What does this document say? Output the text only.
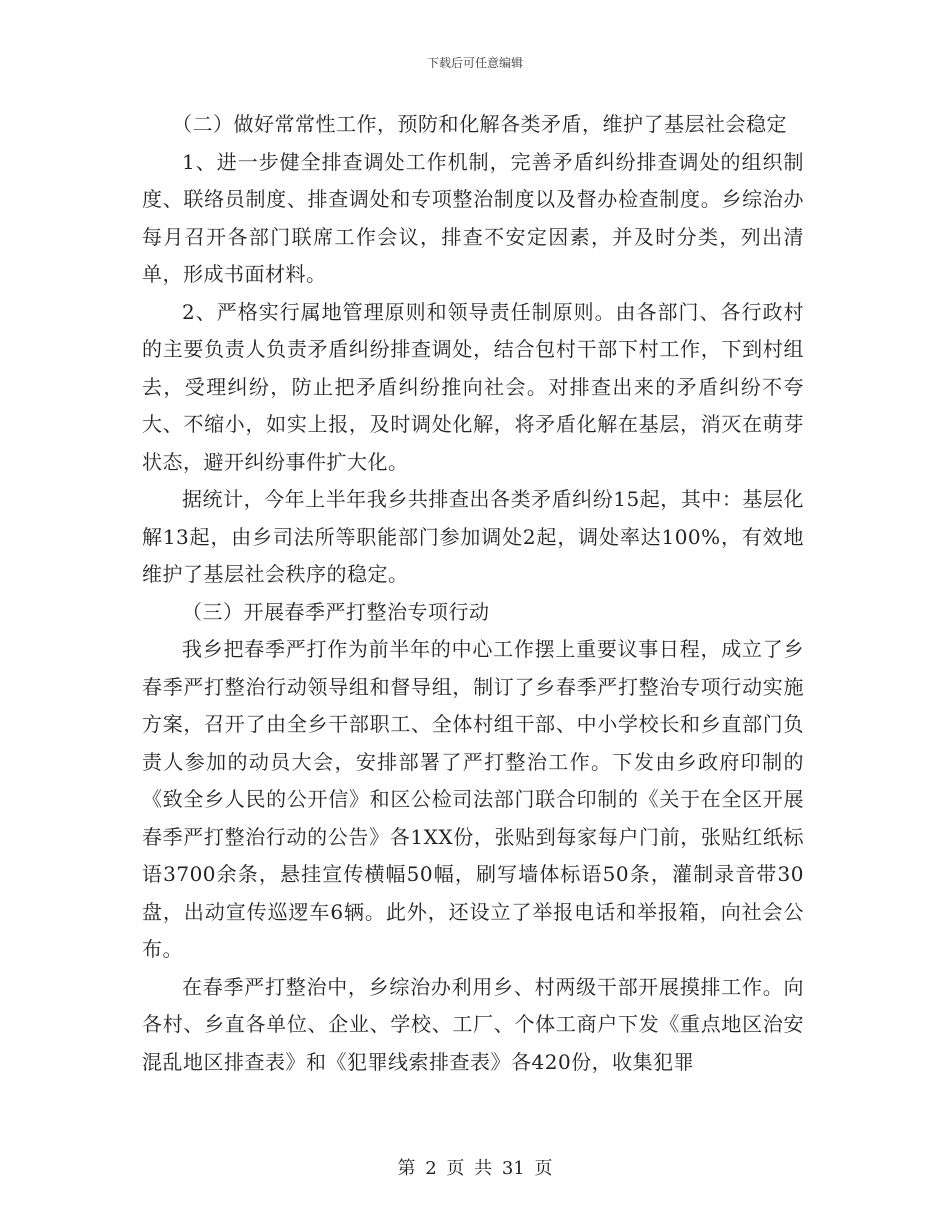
下载后可任意编辑

（二）做好常常性工作，预防和化解各类矛盾，维护了基层社会稳定

1、进一步健全排查调处工作机制，完善矛盾纠纷排查调处的组织制度、联络员制度、排查调处和专项整治制度以及督办检查制度。乡综治办每月召开各部门联席工作会议，排查不安定因素，并及时分类，列出清单，形成书面材料。

2、严格实行属地管理原则和领导责任制原则。由各部门、各行政村的主要负责人负责矛盾纠纷排查调处，结合包村干部下村工作，下到村组去，受理纠纷，防止把矛盾纠纷推向社会。对排查出来的矛盾纠纷不夸大、不缩小，如实上报，及时调处化解，将矛盾化解在基层，消灭在萌芽状态，避开纠纷事件扩大化。

据统计，今年上半年我乡共排查出各类矛盾纠纷15起，其中：基层化解13起，由乡司法所等职能部门参加调处2起，调处率达100%，有效地维护了基层社会秩序的稳定。

（三）开展春季严打整治专项行动

我乡把春季严打作为前半年的中心工作摆上重要议事日程，成立了乡春季严打整治行动领导组和督导组，制订了乡春季严打整治专项行动实施方案，召开了由全乡干部职工、全体村组干部、中小学校长和乡直部门负责人参加的动员大会，安排部署了严打整治工作。下发由乡政府印制的《致全乡人民的公开信》和区公检司法部门联合印制的《关于在全区开展春季严打整治行动的公告》各1XX份，张贴到每家每户门前，张贴红纸标语3700余条，悬挂宣传横幅50幅，刷写墙体标语50条，灌制录音带30盘，出动宣传巡逻车6辆。此外，还设立了举报电话和举报箱，向社会公布。

在春季严打整治中，乡综治办利用乡、村两级干部开展摸排工作。向各村、乡直各单位、企业、学校、工厂、个体工商户下发《重点地区治安混乱地区排查表》和《犯罪线索排查表》各420份，收集犯罪

第 2 页 共 31 页
